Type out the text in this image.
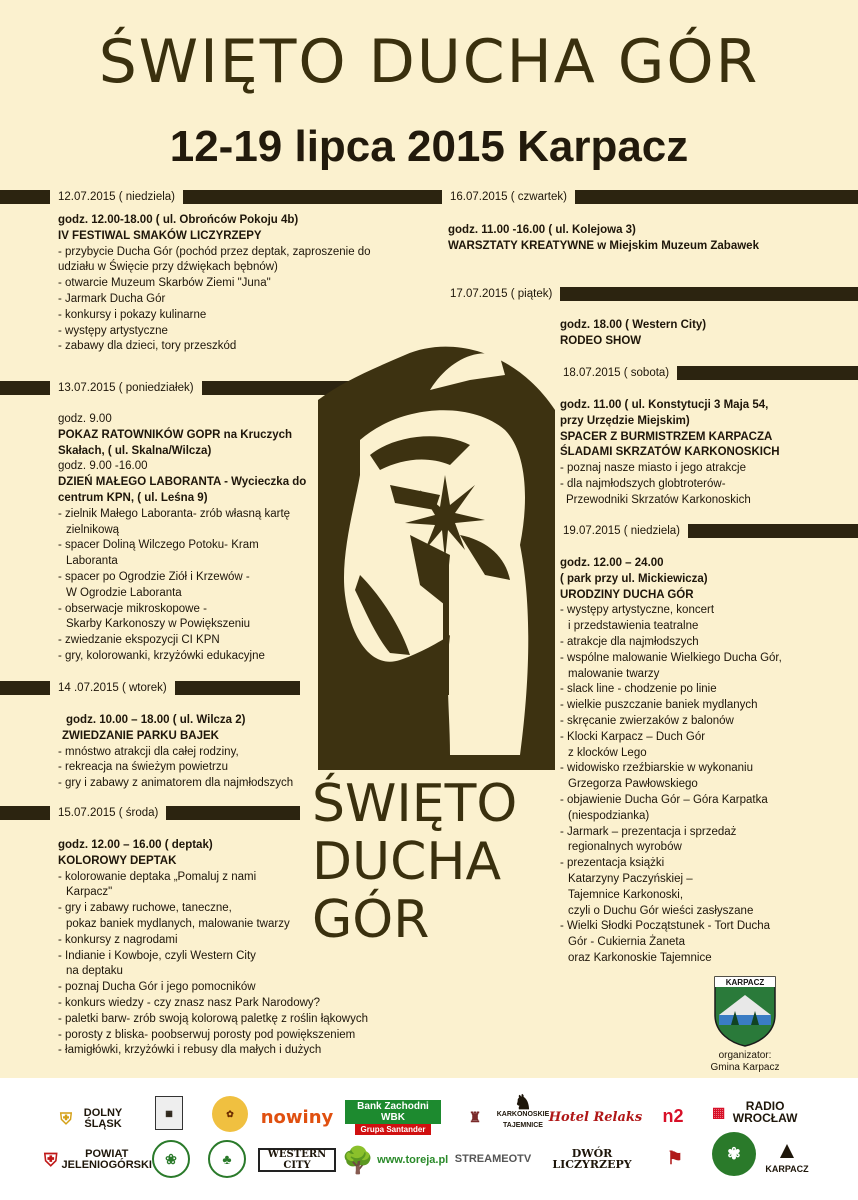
ŚWIĘTO DUCHA GÓR
12-19 lipca 2015 Karpacz
12.07.2015 ( niedziela)
13.07.2015 ( poniedziałek)
14 .07.2015 ( wtorek)
15.07.2015 ( środa)
16.07.2015 ( czwartek)
17.07.2015 ( piątek)
18.07.2015 ( sobota)
19.07.2015 ( niedziela)
godz. 12.00-18.00 ( ul. Obrońców Pokoju 4b)
IV FESTIWAL SMAKÓW LICZYRZEPY
- przybycie Ducha Gór (pochód przez deptak, zaproszenie do
udziału w Święcie przy dźwiękach bębnów)
- otwarcie Muzeum Skarbów Ziemi "Juna"
- Jarmark Ducha Gór
- konkursy i pokazy kulinarne
- występy artystyczne
- zabawy dla dzieci, tory przeszkód
godz. 9.00
POKAZ RATOWNIKÓW GOPR na Kruczych
Skałach, ( ul. Skalna/Wilcza)
godz. 9.00 -16.00
DZIEŃ MAŁEGO LABORANTA - Wycieczka do
centrum KPN, ( ul. Leśna 9)
- zielnik Małego Laboranta- zrób własną kartę
zielnikową
- spacer Doliną Wilczego Potoku- Kram
Laboranta
- spacer po Ogrodzie Ziół i Krzewów -
W Ogrodzie Laboranta
- obserwacje mikroskopowe -
Skarby Karkonoszy w Powiększeniu
- zwiedzanie ekspozycji CI KPN
- gry, kolorowanki, krzyżówki edukacyjne
godz. 10.00 – 18.00 ( ul. Wilcza 2)
ZWIEDZANIE PARKU BAJEK
- mnóstwo atrakcji dla całej rodziny,
- rekreacja na świeżym powietrzu
- gry i zabawy z animatorem dla najmłodszych
godz. 12.00 – 16.00 ( deptak)
KOLOROWY DEPTAK
- kolorowanie deptaka „Pomaluj z nami
Karpacz"
- gry i zabawy ruchowe, taneczne,
pokaz baniek mydlanych, malowanie twarzy
- konkursy z nagrodami
- Indianie i Kowboje, czyli Western City
na deptaku
- poznaj Ducha Gór i jego pomocników
- konkurs wiedzy - czy znasz nasz Park Narodowy?
- paletki barw- zrób swoją kolorową paletkę z roślin łąkowych
- porosty z bliska- poobserwuj porosty pod powiększeniem
- łamigłówki, krzyżówki i rebusy dla małych i dużych
godz. 11.00 -16.00 ( ul. Kolejowa 3)
WARSZTATY KREATYWNE w Miejskim Muzeum Zabawek
godz. 18.00 ( Western City)
RODEO SHOW
godz. 11.00 ( ul. Konstytucji 3 Maja 54,
przy Urzędzie Miejskim)
SPACER Z BURMISTRZEM KARPACZA
ŚLADAMI SKRZATÓW KARKONOSKICH
- poznaj nasze miasto i jego atrakcje
- dla najmłodszych globtroterów-
Przewodniki Skrzatów Karkonoskich
godz. 12.00 – 24.00
( park przy ul. Mickiewicza)
URODZINY DUCHA GÓR
- występy artystyczne, koncert
i przedstawienia teatralne
- atrakcje dla najmłodszych
- wspólne malowanie Wielkiego Ducha Gór,
malowanie twarzy
- slack line - chodzenie po linie
- wielkie puszczanie baniek mydlanych
- skręcanie zwierzaków z balonów
- Klocki Karpacz – Duch Gór
z klocków Lego
- widowisko rzeźbiarskie w wykonaniu
Grzegorza Pawłowskiego
- objawienie Ducha Gór – Góra Karpatka
(niespodzianka)
- Jarmark – prezentacja i sprzedaż
regionalnych wyrobów
- prezentacja książki
Katarzyny Paczyńskiej –
Tajemnice Karkonoski,
czyli o Duchu Gór wieści zasłyszane
- Wielki Słodki Początstunek - Tort Ducha
Gór - Cukiernia Żaneta
oraz Karkonoskie Tajemnice
ŚWIĘTO
DUCHA
GÓR
KARPACZ
organizator:
Gmina Karpacz
⛨	DOLNY ŚLĄSK
▦	✿	nowiny
Bank Zachodni WBK
Grupa Santander
♜
♞
KARKONOSKIE TAJEMNICE
Hotel Relaks	n2	▦	RADIO WROCŁAW
⛨	POWIAT JELENIOGÓRSKI ❀	♣	WESTERN CITY	🌳 www.toreja.pl STREAMEOTV	DWÓR LICZYRZEPY	⚑	✾	▲
KARPACZ
